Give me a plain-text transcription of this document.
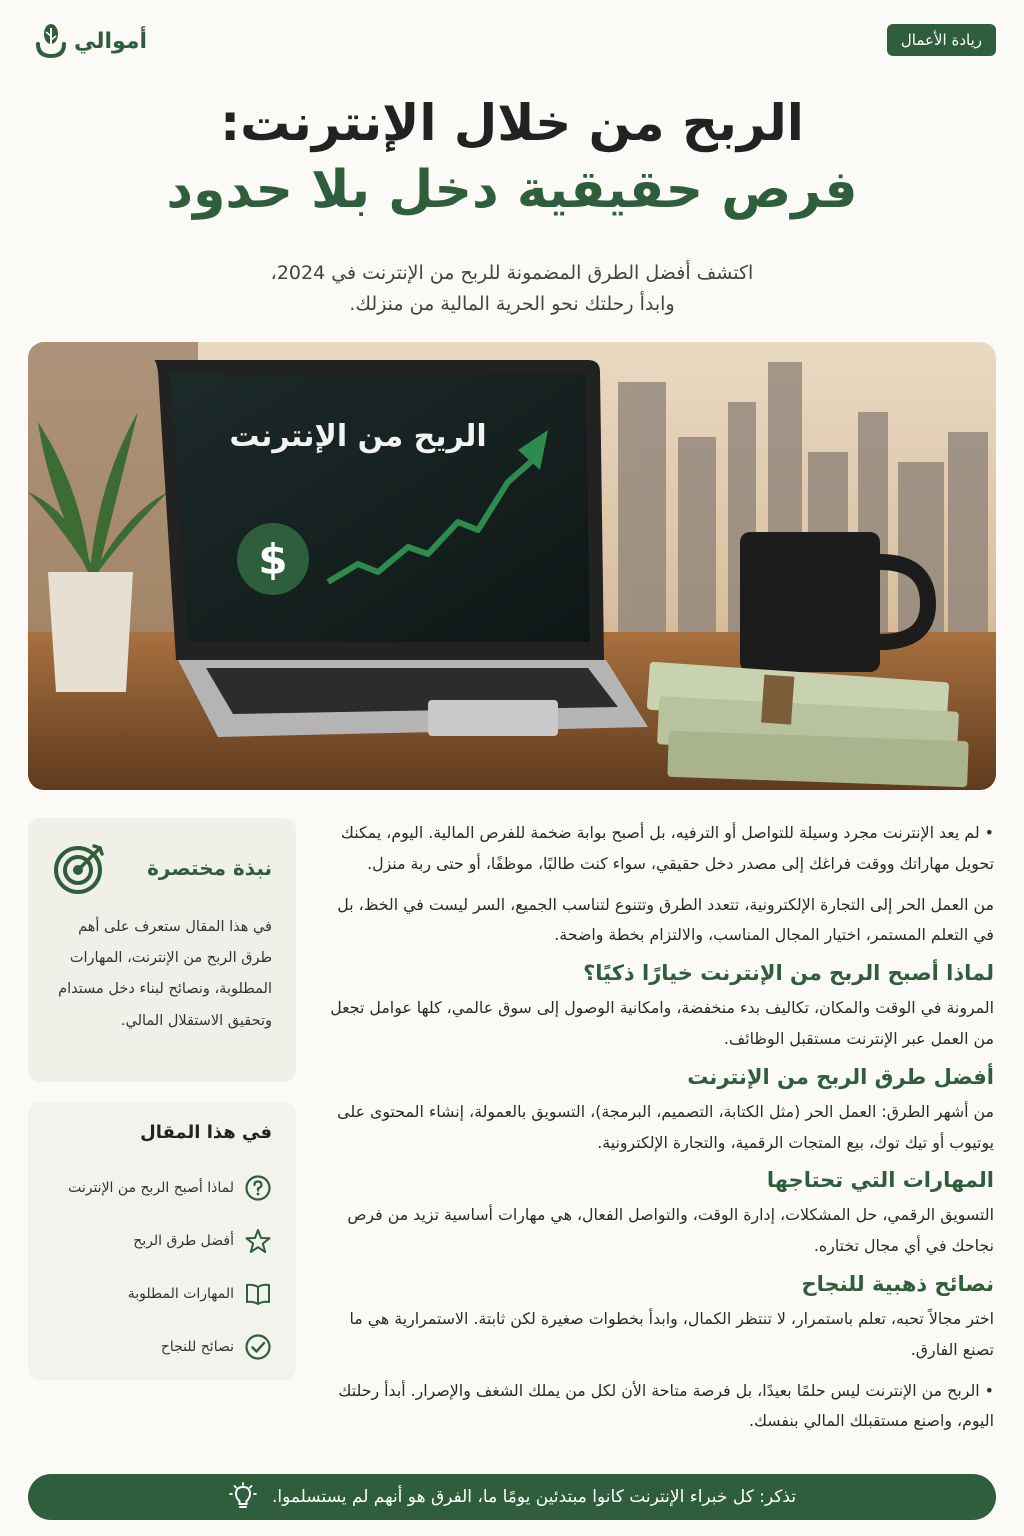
ريادة الأعمال
أموالي
الربح من خلال الإنترنت:
فرص حقيقية دخل بلا حدود
اكتشف أفضل الطرق المضمونة للربح من الإنترنت في 2024،
وابدأ رحلتك نحو الحرية المالية من منزلك.
الريح من الإنترنت
$
نبذة مختصرة

في هذا المقال ستعرف على أهم طرق الربح من الإنترنت، المهارات المطلوبة، ونصائح لبناء دخل مستدام وتحقيق الاستقلال المالي.

في هذا المقال
لماذا أصبح الربح من الإنترنت
أفضل طرق الربح
المهارات المطلوبة
نصائح للنجاح

• لم يعد الإنترنت مجرد وسيلة للتواصل أو الترفيه، بل أصبح بوابة ضخمة للفرص المالية. اليوم، يمكنك تحويل مهاراتك ووقت فراغك إلى مصدر دخل حقيقي، سواء كنت طالبًا، موظفًا، أو حتى ربة منزل.

من العمل الحر إلى التجارة الإلكترونية، تتعدد الطرق وتتنوع لتناسب الجميع، السر ليست في الخظ، بل في التعلم المستمر، اختيار المجال المناسب، والالتزام بخطة واضحة.

لماذا أصبح الربح من الإنترنت خيارًا ذكيًا؟

المرونة في الوقت والمكان، تكاليف بدء منخفضة، وامكانية الوصول إلى سوق عالمي، كلها عوامل تجعل من العمل عبر الإنترنت مستقبل الوظائف.

أفضل طرق الربح من الإنترنت

من أشهر الطرق: العمل الحر (مثل الكتابة، التصميم، البرمجة)، التسويق بالعمولة، إنشاء المحتوى على يوتيوب أو تيك توك، بيع المتجات الرقمية، والتجارة الإلكترونية.

المهارات التي تحتاجها

التسويق الرقمي، حل المشكلات، إدارة الوقت، والتواصل الفعال، هي مهارات أساسية تزيد من فرص نجاحك في أي مجال تختاره.

نصائح ذهبية للنجاح

اختر مجالاً تحبه، تعلم باستمرار، لا تنتظر الكمال، وابدأ بخطوات صغيرة لكن ثابتة. الاستمرارية هي ما تصنع الفارق.

• الربح من الإنترنت ليس حلمًا بعيدًا، بل فرصة متاحة الأن لكل من يملك الشغف والإصرار. أبدأ رحلتك اليوم، واصنع مستقبلك المالي بنفسك.

تذكر: كل خبراء الإنترنت كانوا مبتدئين يومًا ما، الفرق هو أنهم لم يستسلموا.
